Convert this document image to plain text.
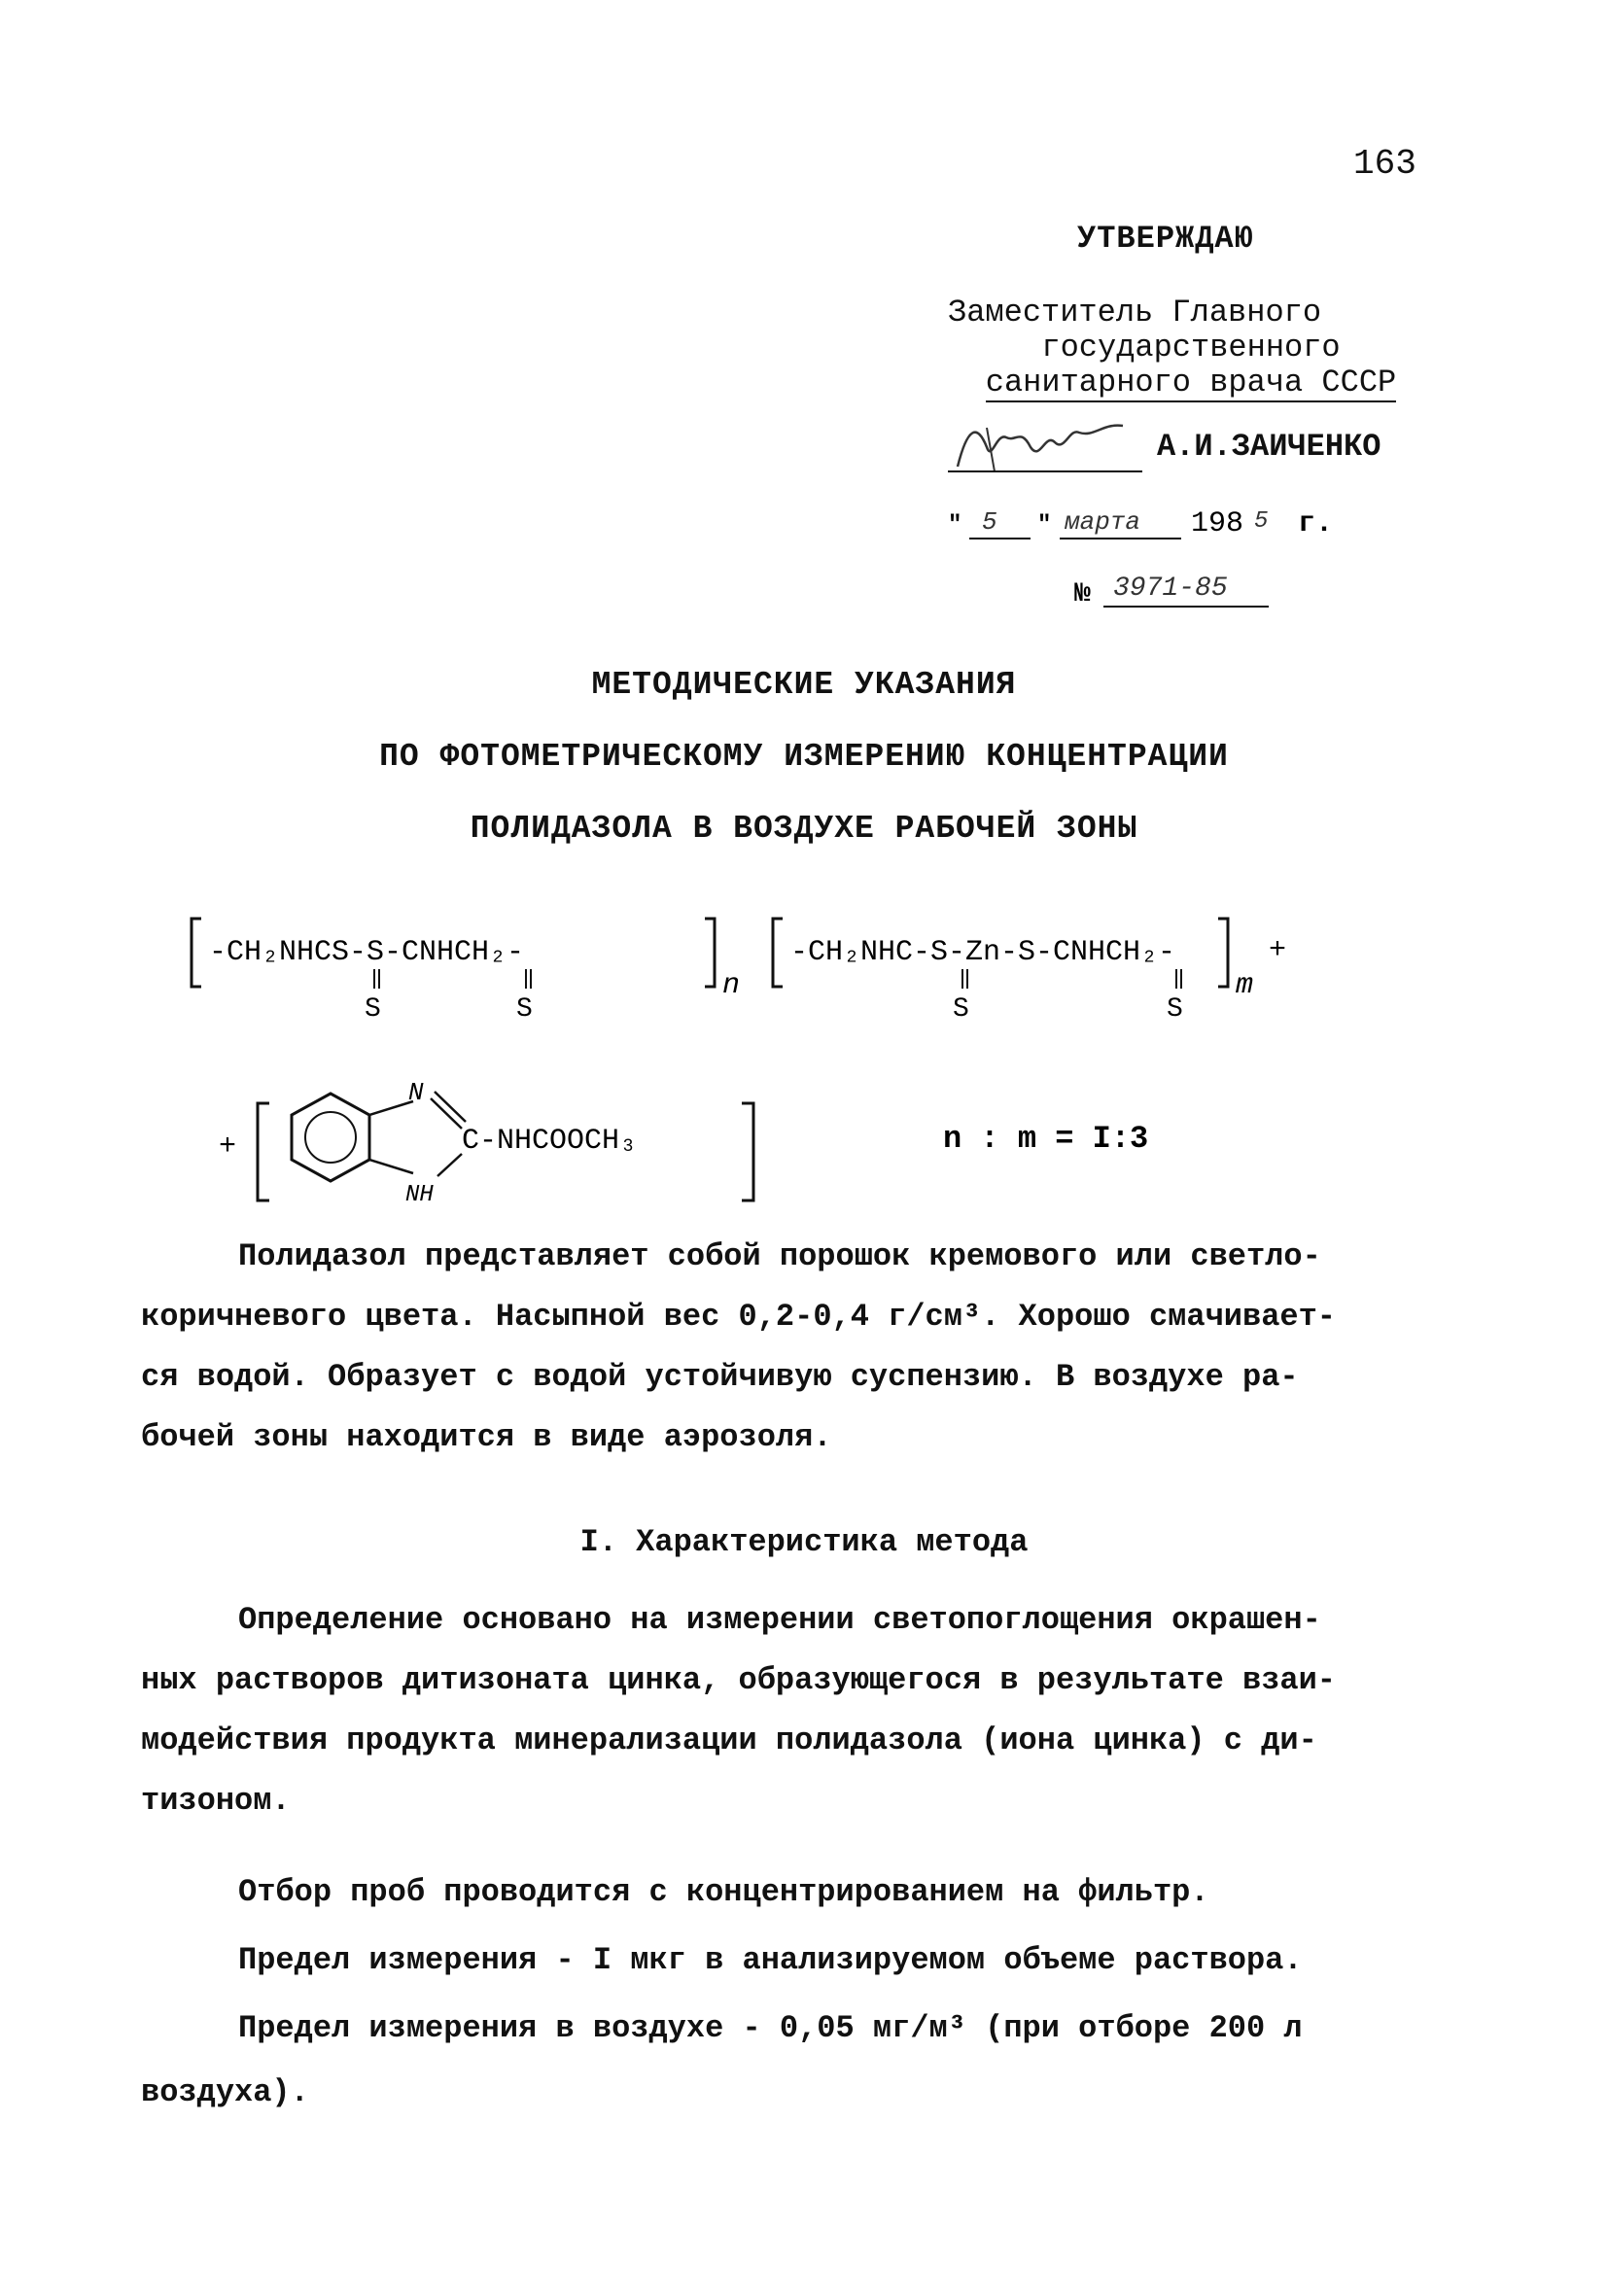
163
УТВЕРЖДАЮ
Заместитель Главного
государственного
санитарного врача СССР
А.И.ЗАИЧЕНКО
" 5 " марта 198 5 г.
№ 3971-85
МЕТОДИЧЕСКИЕ УКАЗАНИЯ
ПО ФОТОМЕТРИЧЕСКОМУ ИЗМЕРЕНИЮ КОНЦЕНТРАЦИИ
ПОЛИДАЗОЛА В ВОЗДУХЕ РАБОЧЕЙ ЗОНЫ
-CH₂NHCS-S-CNHCH₂-
n
S	S
-CH₂NHC-S-Zn-S-CNHCH₂-
m
+
S	S
+
N
NH
C-NHCOOCH₃	n : m = I:3
Полидазол представляет собой порошок кремового или светло-
коричневого цвета. Насыпной вес 0,2-0,4 г/см³. Хорошо смачивает-
ся водой. Образует с водой устойчивую суспензию. В воздухе ра-
бочей зоны находится в виде аэрозоля.
I. Характеристика метода
Определение основано на измерении светопоглощения окрашен-
ных растворов дитизоната цинка, образующегося в результате взаи-
модействия продукта минерализации полидазола (иона цинка) с ди-
тизоном.
Отбор проб проводится с концентрированием на фильтр.
Предел измерения - I мкг в анализируемом объеме раствора.
Предел измерения в воздухе - 0,05 мг/м³ (при отборе 200 л
воздуха).
